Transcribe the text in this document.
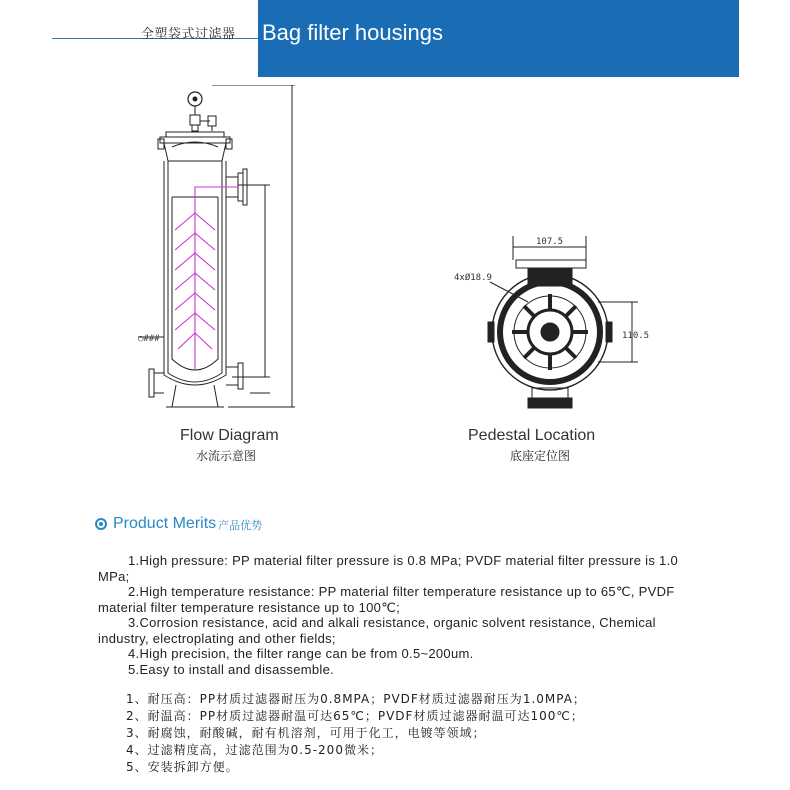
全塑袋式过滤器 Bag filter housings
○###
Flow Diagram
水流示意图
107.5
4xØ18.9
110.5
Pedestal Location
底座定位图
Product Merits 产品优势

1.High pressure: PP material filter pressure is 0.8 MPa; PVDF material filter pressure is 1.0 MPa;

2.High temperature resistance: PP material filter temperature resistance up to 65℃, PVDF material filter temperature resistance up to 100℃;

3.Corrosion resistance, acid and alkali resistance, organic solvent resistance, Chemical industry, electroplating and other fields;

4.High precision, the filter range can be from 0.5~200um.

5.Easy to install and disassemble.

1、耐压高：PP材质过滤器耐压为0.8MPA；PVDF材质过滤器耐压为1.0MPA；

2、耐温高：PP材质过滤器耐温可达65℃；PVDF材质过滤器耐温可达100℃；

3、耐腐蚀，耐酸碱，耐有机溶剂，可用于化工，电镀等领域；

4、过滤精度高，过滤范围为0.5-200微米；

5、安装拆卸方便。
